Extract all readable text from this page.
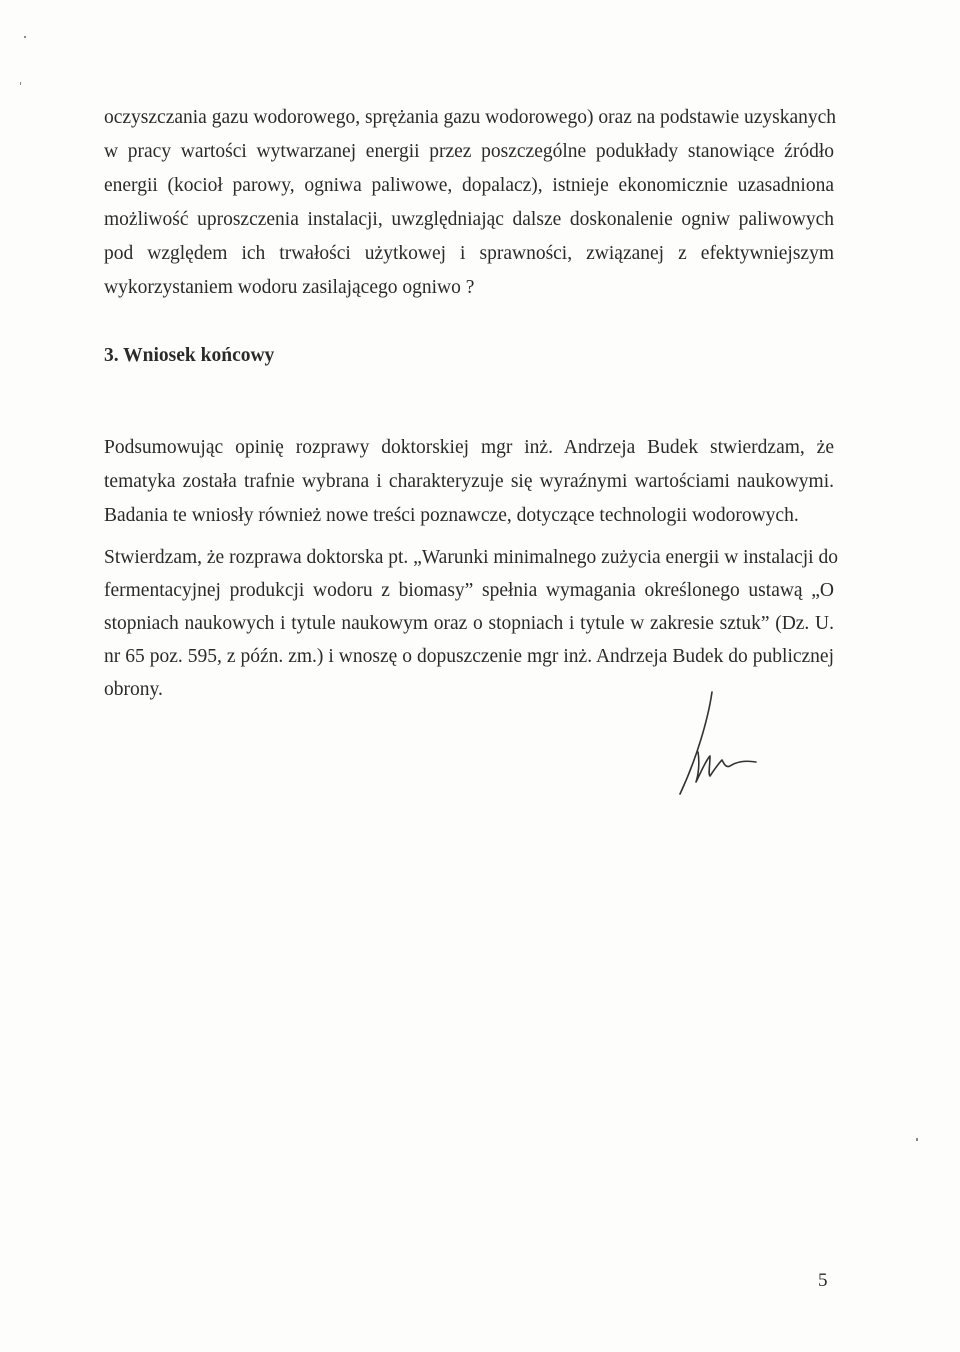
oczyszczania gazu wodorowego, sprężania gazu wodorowego) oraz na podstawie uzyskanych
w pracy wartości wytwarzanej energii przez poszczególne podukłady stanowiące źródło
energii (kocioł parowy, ogniwa paliwowe, dopalacz), istnieje ekonomicznie uzasadniona
możliwość uproszczenia instalacji, uwzględniając dalsze doskonalenie ogniw paliwowych
pod względem ich trwałości użytkowej i sprawności, związanej z efektywniejszym
wykorzystaniem wodoru zasilającego ogniwo ?

3. Wniosek końcowy

Podsumowując opinię rozprawy doktorskiej mgr inż. Andrzeja Budek stwierdzam, że
tematyka została trafnie wybrana i charakteryzuje się wyraźnymi wartościami naukowymi.
Badania te wniosły również nowe treści poznawcze, dotyczące technologii wodorowych.

Stwierdzam, że rozprawa doktorska pt. „Warunki minimalnego zużycia energii w instalacji do
fermentacyjnej produkcji wodoru z biomasy” spełnia wymagania określonego ustawą „O
stopniach naukowych i tytule naukowym oraz o stopniach i tytule w zakresie sztuk” (Dz. U.
nr 65 poz. 595, z późn. zm.) i wnoszę o dopuszczenie mgr inż. Andrzeja Budek do publicznej
obrony.

5
